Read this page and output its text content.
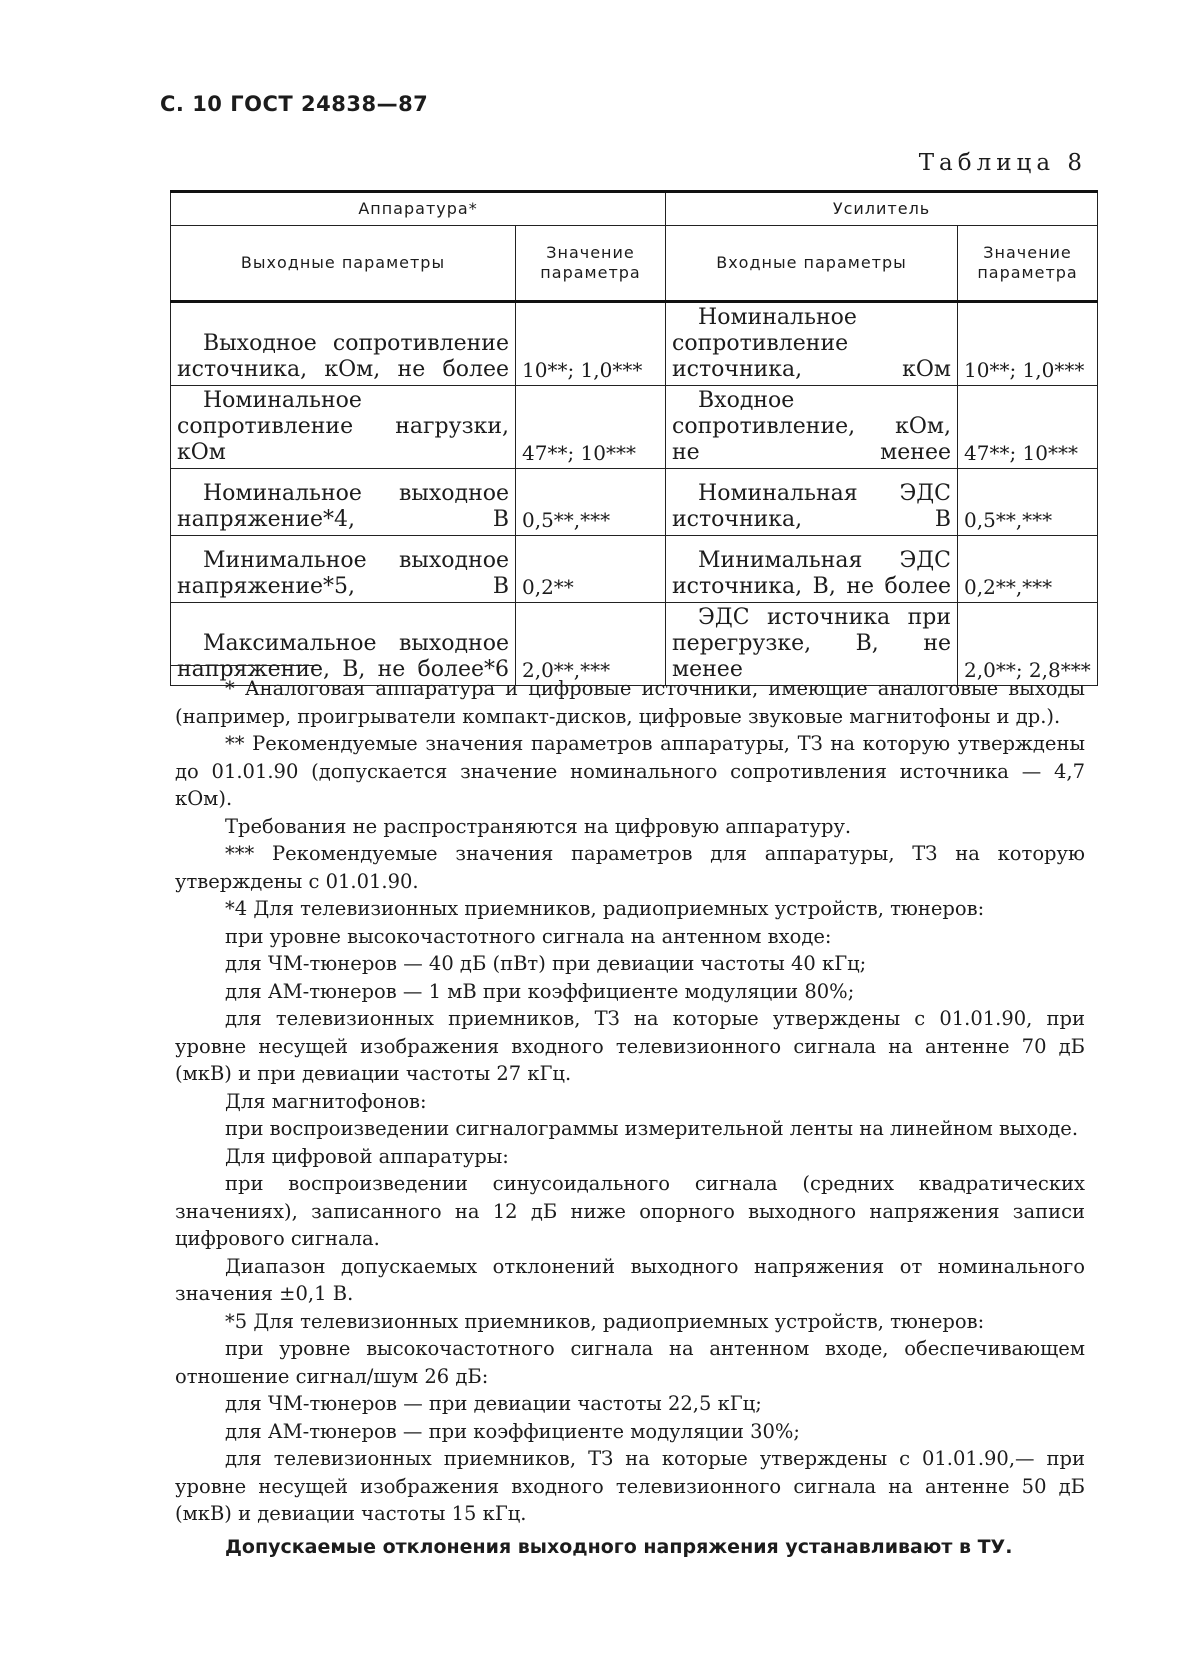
С. 10 ГОСТ 24838—87
Таблица 8
Аппаратура*		Усилитель	
Выходные параметры	Значение параметра	Входные параметры	Значение параметра
Выходное сопротивление источника, кОм, не более	10**; 1,0***	Номинальное сопротивление источника, кОм	10**; 1,0***
Номинальное сопротивление нагрузки, кОм	47**; 10***	Входное сопротивление, кОм, не менее	47**; 10***
Номинальное выходное напряжение*4, В	0,5**,***	Номинальная ЭДС источника, В	0,5**,***
Минимальное выходное напряжение*5, В	0,2**	Минимальная ЭДС источника, В, не более	0,2**,***
Максимальное выходное напряжение, В, не более*6	2,0**,***	ЭДС источника при перегрузке, В, не менее	2,0**; 2,8***

* Аналоговая аппаратура и цифровые источники, имеющие аналоговые выходы (например, проигрыватели компакт-дисков, цифровые звуковые магнитофоны и др.).

** Рекомендуемые значения параметров аппаратуры, ТЗ на которую утверждены до 01.01.90 (допускается значение номинального сопротивления источника — 4,7 кОм).

Требования не распространяются на цифровую аппаратуру.

*** Рекомендуемые значения параметров для аппаратуры, ТЗ на которую утверждены с 01.01.90.

*4 Для телевизионных приемников, радиоприемных устройств, тюнеров:

при уровне высокочастотного сигнала на антенном входе:

для ЧМ-тюнеров — 40 дБ (пВт) при девиации частоты 40 кГц;

для АМ-тюнеров — 1 мВ при коэффициенте модуляции 80%;

для телевизионных приемников, ТЗ на которые утверждены с 01.01.90, при уровне несущей изображения входного телевизионного сигнала на антенне 70 дБ (мкВ) и при девиации частоты 27 кГц.

Для магнитофонов:

при воспроизведении сигналограммы измерительной ленты на линейном выходе.

Для цифровой аппаратуры:

при воспроизведении синусоидального сигнала (средних квадратических значениях), записанного на 12 дБ ниже опорного выходного напряжения записи цифрового сигнала.

Диапазон допускаемых отклонений выходного напряжения от номинального значения ±0,1 В.

*5 Для телевизионных приемников, радиоприемных устройств, тюнеров:

при уровне высокочастотного сигнала на антенном входе, обеспечивающем отношение сигнал/шум 26 дБ:

для ЧМ-тюнеров — при девиации частоты 22,5 кГц;

для АМ-тюнеров — при коэффициенте модуляции 30%;

для телевизионных приемников, ТЗ на которые утверждены с 01.01.90,— при уровне несущей изображения входного телевизионного сигнала на антенне 50 дБ (мкВ) и девиации частоты 15 кГц.

Допускаемые отклонения выходного напряжения устанавливают в ТУ.
